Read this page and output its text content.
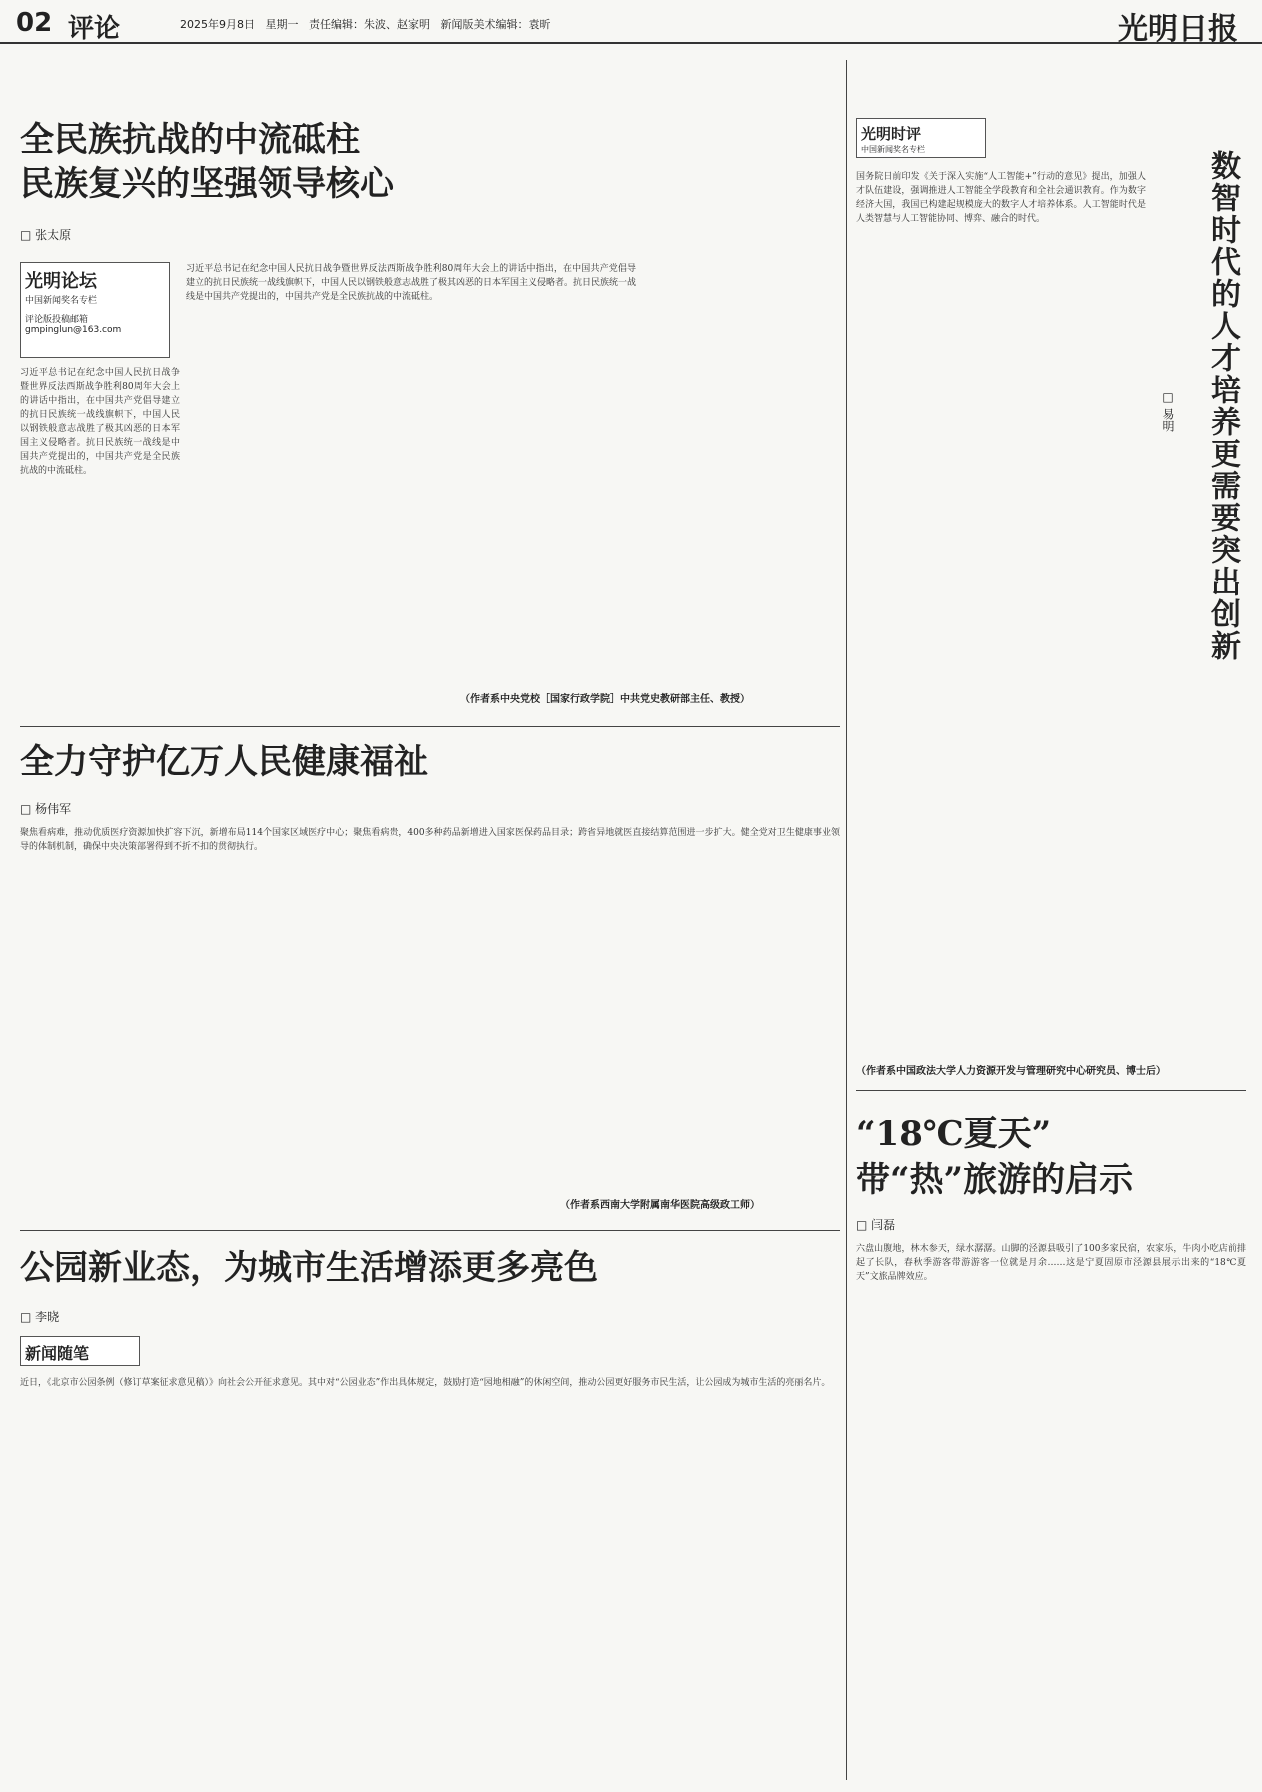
02 评论	2025年9月8日 星期一 责任编辑：朱波、赵家明 新闻版美术编辑：袁昕	光明日报
全民族抗战的中流砥柱
民族复兴的坚强领导核心
□ 张太原
光明论坛
中国新闻奖名专栏
评论版投稿邮箱
gmpinglun@163.com
习近平总书记在纪念中国人民抗日战争暨世界反法西斯战争胜利80周年大会上的讲话中指出，在中国共产党倡导建立的抗日民族统一战线旗帜下，中国人民以钢铁般意志战胜了极其凶恶的日本军国主义侵略者。抗日民族统一战线是中国共产党提出的，中国共产党是全民族抗战的中流砥柱。
习近平总书记在纪念中国人民抗日战争暨世界反法西斯战争胜利80周年大会上的讲话中指出，在中国共产党倡导建立的抗日民族统一战线旗帜下，中国人民以钢铁般意志战胜了极其凶恶的日本军国主义侵略者。抗日民族统一战线是中国共产党提出的，中国共产党是全民族抗战的中流砥柱。
（作者系中央党校［国家行政学院］中共党史教研部主任、教授）
全力守护亿万人民健康福祉
□ 杨伟军
聚焦看病难，推动优质医疗资源加快扩容下沉，新增布局114个国家区域医疗中心；聚焦看病贵，400多种药品新增进入国家医保药品目录；跨省异地就医直接结算范围进一步扩大。健全党对卫生健康事业领导的体制机制，确保中央决策部署得到不折不扣的贯彻执行。
（作者系西南大学附属南华医院高级政工师）
公园新业态，为城市生活增添更多亮色
□ 李晓
新闻随笔
近日，《北京市公园条例（修订草案征求意见稿）》向社会公开征求意见。其中对“公园业态”作出具体规定，鼓励打造“园地相融”的休闲空间，推动公园更好服务市民生活，让公园成为城市生活的亮丽名片。
光明时评
中国新闻奖名专栏
数智时代的人才培养更需要突出创新
□ 易明
国务院日前印发《关于深入实施“人工智能+”行动的意见》提出，加强人才队伍建设，强调推进人工智能全学段教育和全社会通识教育。作为数字经济大国，我国已构建起规模庞大的数字人才培养体系。人工智能时代是人类智慧与人工智能协同、博弈、融合的时代。
（作者系中国政法大学人力资源开发与管理研究中心研究员、博士后）
“18℃夏天”
带“热”旅游的启示
□ 闫磊
六盘山腹地，林木参天，绿水潺潺。山脚的泾源县吸引了100多家民宿，农家乐，牛肉小吃店前排起了长队，春秋季游客带游游客一位就是月余……这是宁夏固原市泾源县展示出来的“18℃夏天”文旅品牌效应。
